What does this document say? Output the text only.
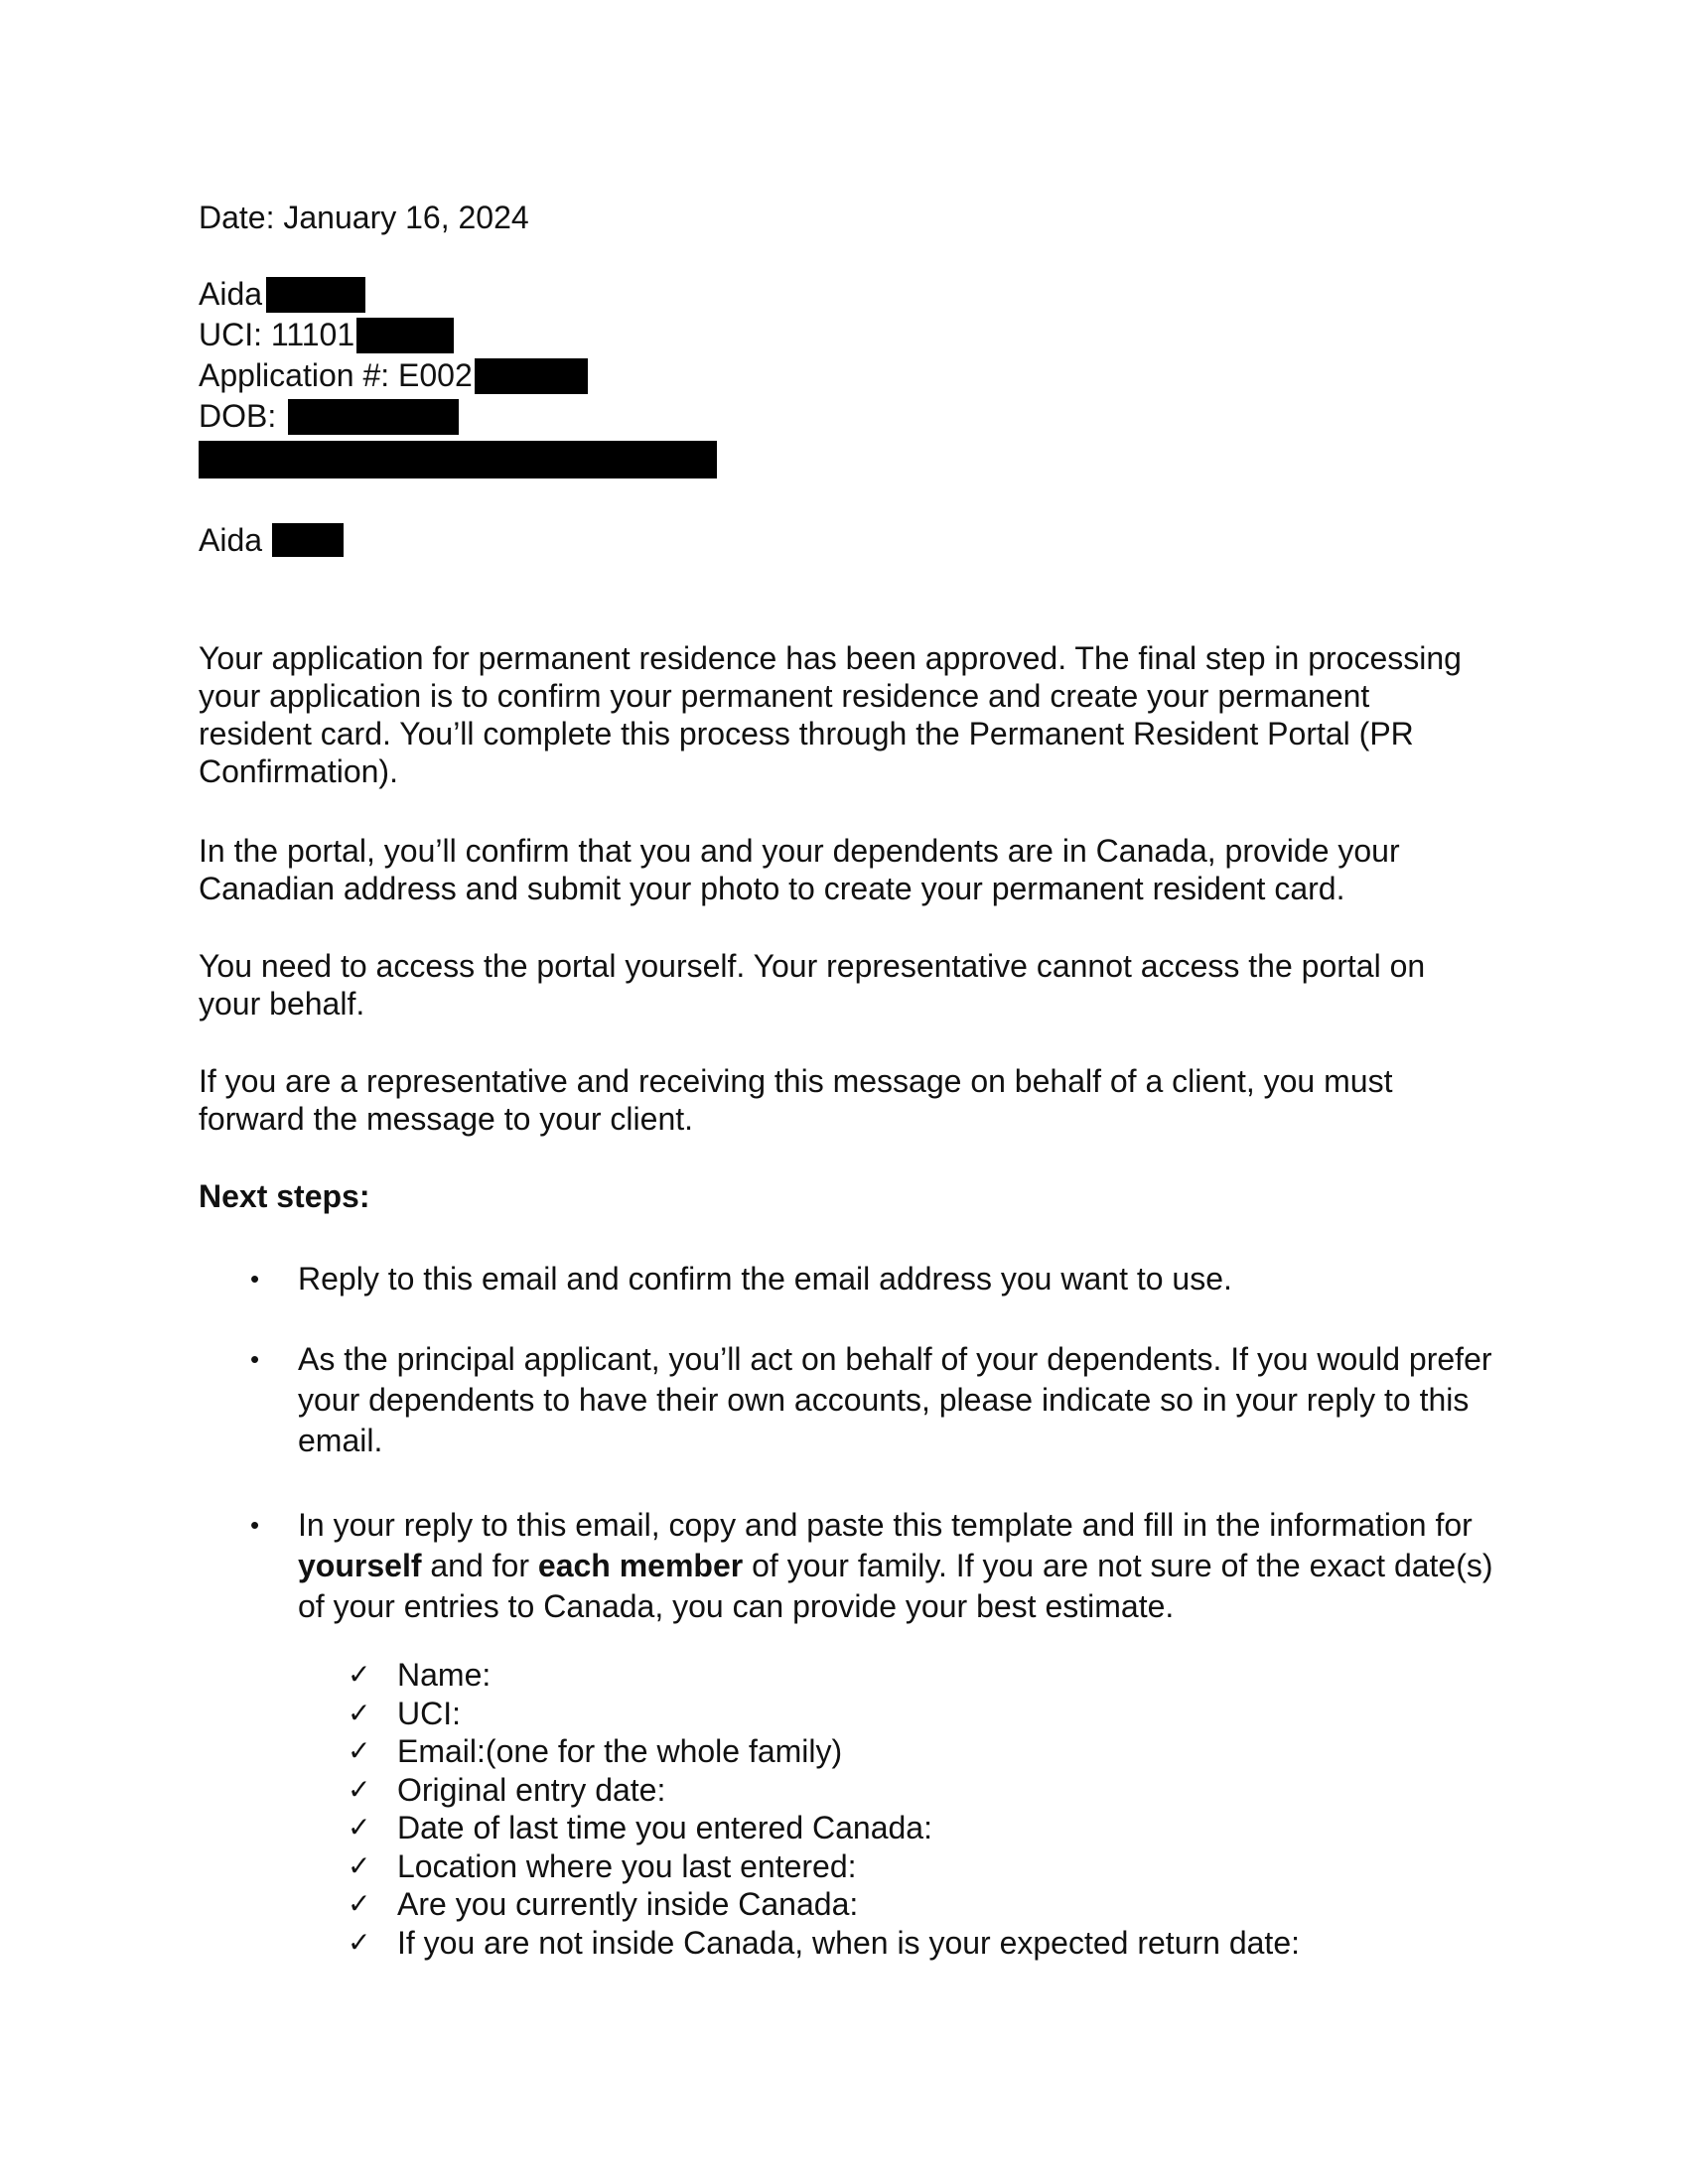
Date: January 16, 2024
Aida
UCI: 11101
Application #: E002
DOB:
Aida

Your application for permanent residence has been approved. The final step in processing your application is to confirm your permanent residence and create your permanent resident card. You’ll complete this process through the Permanent Resident Portal (PR Confirmation).

In the portal, you’ll confirm that you and your dependents are in Canada, provide your Canadian address and submit your photo to create your permanent resident card.

You need to access the portal yourself. Your representative cannot access the portal on your behalf.

If you are a representative and receiving this message on behalf of a client, you must forward the message to your client.

Next steps:
• Reply to this email and confirm the email address you want to use.
• As the principal applicant, you’ll act on behalf of your dependents. If you would prefer your dependents to have their own accounts, please indicate so in your reply to this email.
• In your reply to this email, copy and paste this template and fill in the information for yourself and for each member of your family. If you are not sure of the exact date(s) of your entries to Canada, you can provide your best estimate.
✓ Name:
✓ UCI:
✓ Email:(one for the whole family)
✓ Original entry date:
✓ Date of last time you entered Canada:
✓ Location where you last entered:
✓ Are you currently inside Canada:
✓ If you are not inside Canada, when is your expected return date:
